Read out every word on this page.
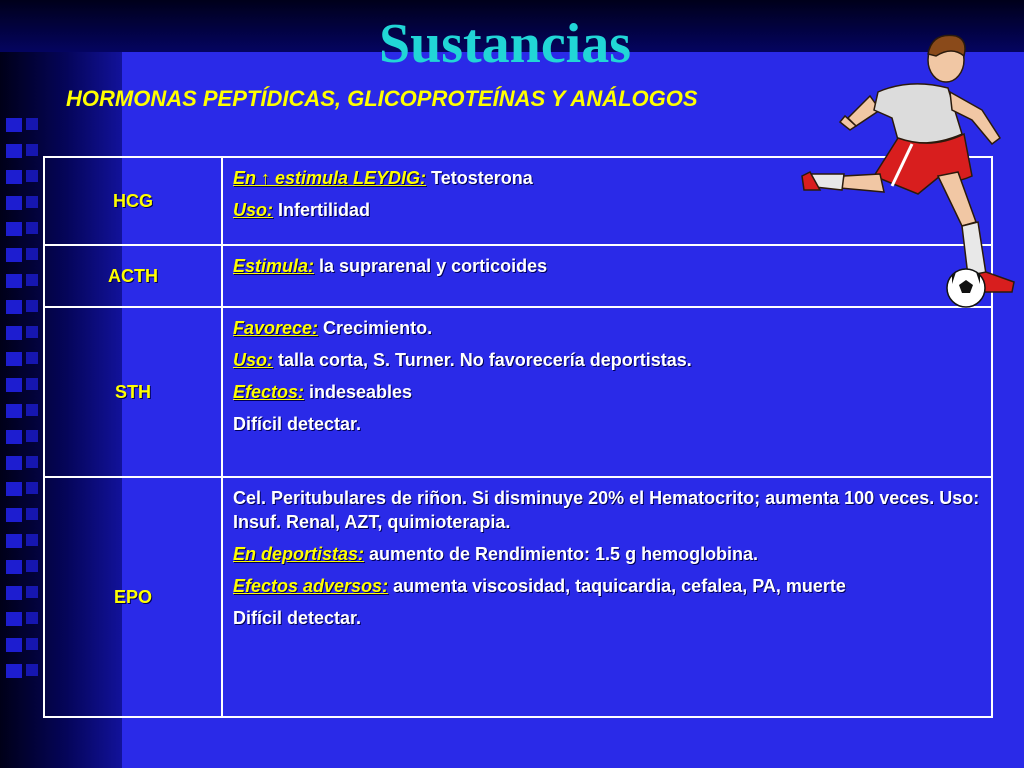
Sustancias
HORMONAS PEPTÍDICAS, GLICOPROTEÍNAS Y ANÁLOGOS
HCG	En ↑ estimula LEYDIG: Tetosterona
Uso: Infertilidad

ACTH	Estimula: la suprarenal y corticoides

STH	Favorece: Crecimiento.
Uso: talla corta, S. Turner. No favorecería deportistas.
Efectos: indeseables
Difícil detectar.

EPO	Cel. Peritubulares de riñon. Si disminuye 20% el Hematocrito; aumenta 100 veces. Uso: Insuf. Renal, AZT, quimioterapia.
En deportistas: aumento de Rendimiento: 1.5 g hemoglobina.
Efectos adversos: aumenta viscosidad, taquicardia, cefalea, PA, muerte
Difícil detectar.
